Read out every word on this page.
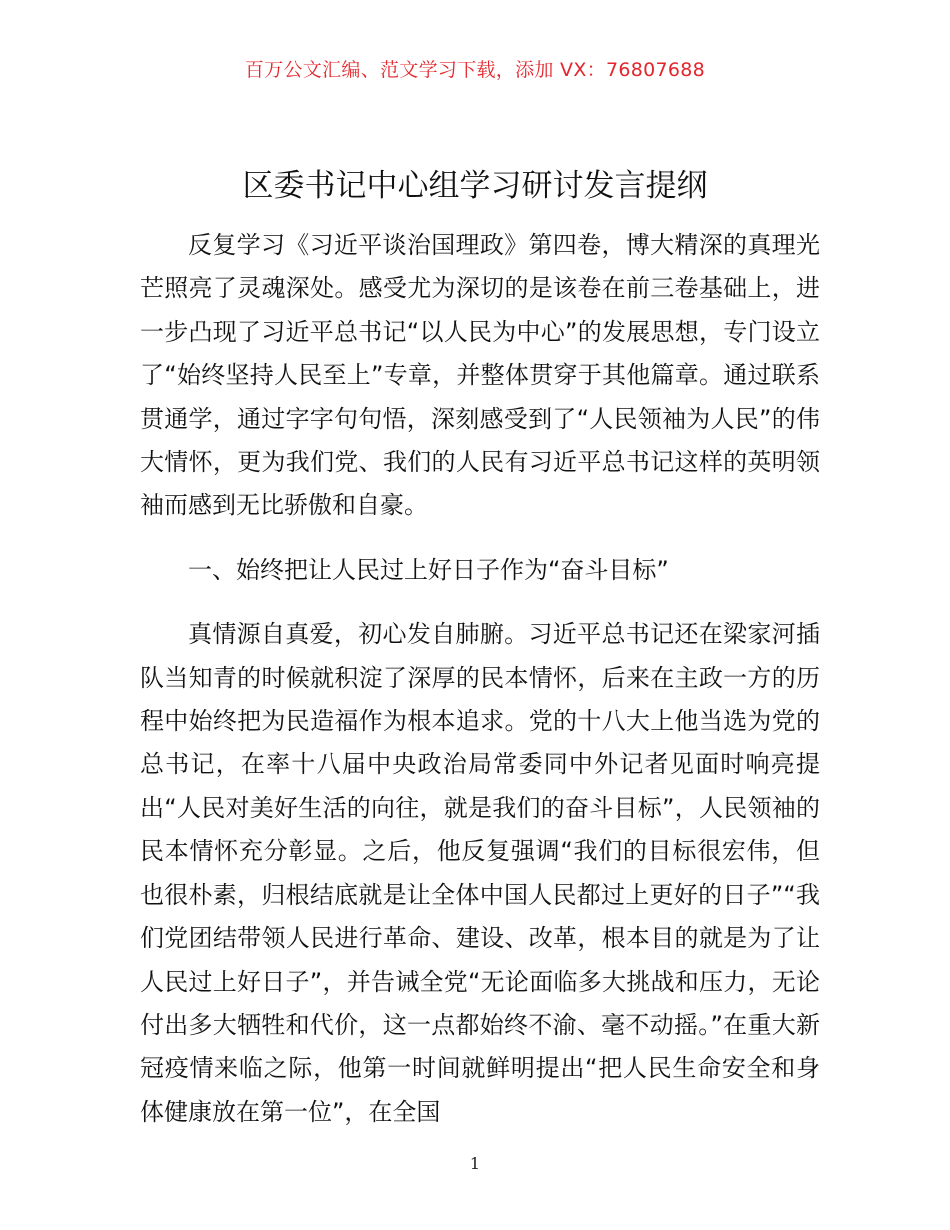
百万公文汇编、范文学习下载，添加 VX：76807688
区委书记中心组学习研讨发言提纲

反复学习《习近平谈治国理政》第四卷，博大精深的真理光芒照亮了灵魂深处。感受尤为深切的是该卷在前三卷基础上，进一步凸现了习近平总书记“以人民为中心”的发展思想，专门设立了“始终坚持人民至上”专章，并整体贯穿于其他篇章。通过联系贯通学，通过字字句句悟，深刻感受到了“人民领袖为人民”的伟大情怀，更为我们党、我们的人民有习近平总书记这样的英明领袖而感到无比骄傲和自豪。

一、始终把让人民过上好日子作为“奋斗目标”

真情源自真爱，初心发自肺腑。习近平总书记还在梁家河插队当知青的时候就积淀了深厚的民本情怀，后来在主政一方的历程中始终把为民造福作为根本追求。党的十八大上他当选为党的总书记，在率十八届中央政治局常委同中外记者见面时响亮提出“人民对美好生活的向往，就是我们的奋斗目标”，人民领袖的民本情怀充分彰显。之后，他反复强调“我们的目标很宏伟，但也很朴素，归根结底就是让全体中国人民都过上更好的日子”“我们党团结带领人民进行革命、建设、改革，根本目的就是为了让人民过上好日子”，并告诫全党“无论面临多大挑战和压力，无论付出多大牺牲和代价，这一点都始终不渝、毫不动摇。”在重大新冠疫情来临之际，他第一时间就鲜明提出“把人民生命安全和身体健康放在第一位”，在全国

1
